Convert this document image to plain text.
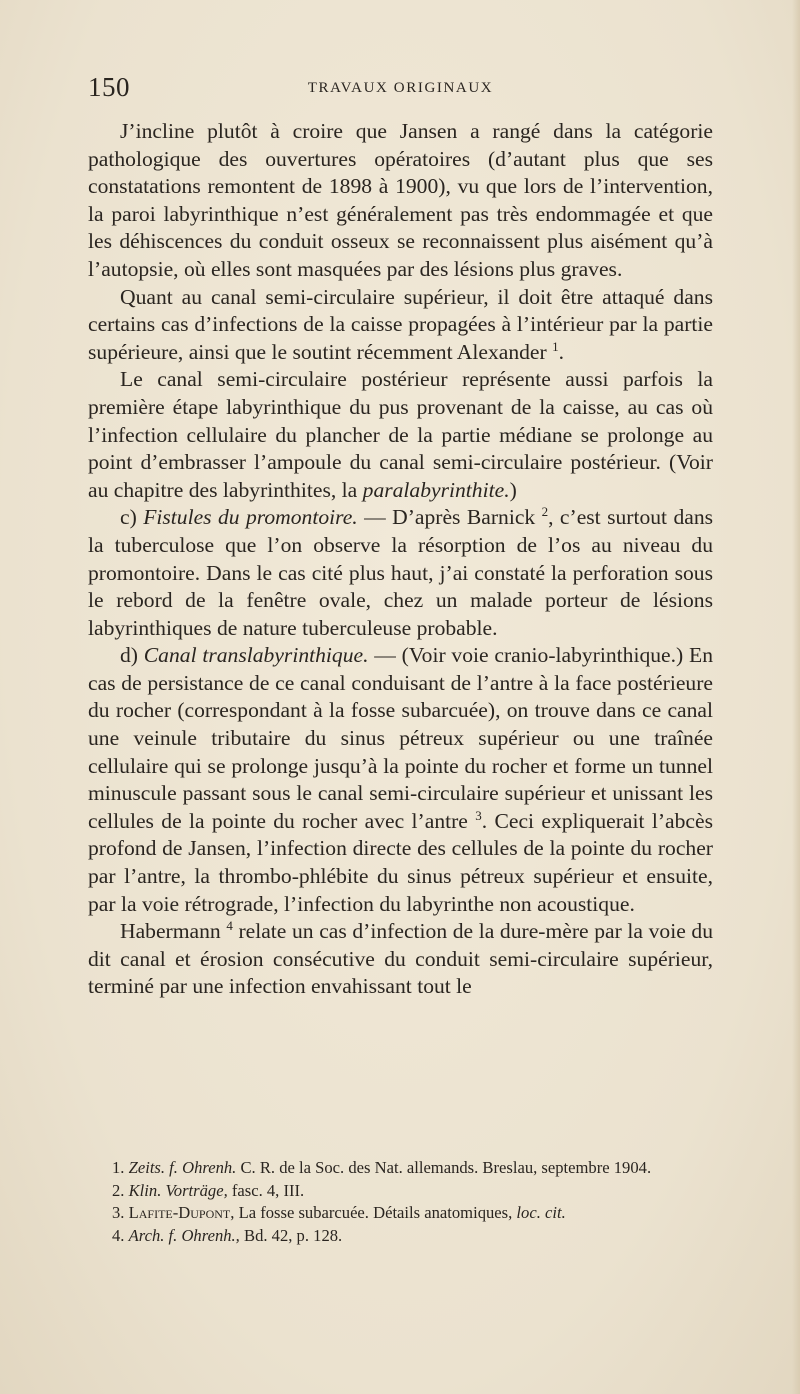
150	TRAVAUX ORIGINAUX

J’incline plutôt à croire que Jansen a rangé dans la catégorie pathologique des ouvertures opératoires (d’autant plus que ses constatations remontent de 1898 à 1900), vu que lors de l’intervention, la paroi labyrinthique n’est généralement pas très endommagée et que les déhiscences du conduit osseux se reconnaissent plus aisément qu’à l’autopsie, où elles sont masquées par des lésions plus graves.

Quant au canal semi-circulaire supérieur, il doit être attaqué dans certains cas d’infections de la caisse propagées à l’intérieur par la partie supérieure, ainsi que le soutint récemment Alexander $^1$.

Le canal semi-circulaire postérieur représente aussi parfois la première étape labyrinthique du pus provenant de la caisse, au cas où l’infection cellulaire du plancher de la partie médiane se prolonge au point d’embrasser l’ampoule du canal semi-circulaire postérieur. (Voir au chapitre des labyrinthites, la paralabyrinthite.)

c) Fistules du promontoire. — D’après Barnick $^2$, c’est surtout dans la tuberculose que l’on observe la résorption de l’os au niveau du promontoire. Dans le cas cité plus haut, j’ai constaté la perforation sous le rebord de la fenêtre ovale, chez un malade porteur de lésions labyrinthiques de nature tuberculeuse probable.

d) Canal translabyrinthique. — (Voir voie cranio-labyrinthique.) En cas de persistance de ce canal conduisant de l’antre à la face postérieure du rocher (correspondant à la fosse subarcuée), on trouve dans ce canal une veinule tributaire du sinus pétreux supérieur ou une traînée cellulaire qui se prolonge jusqu’à la pointe du rocher et forme un tunnel minuscule passant sous le canal semi-circulaire supérieur et unissant les cellules de la pointe du rocher avec l’antre $^3$. Ceci expliquerait l’abcès profond de Jansen, l’infection directe des cellules de la pointe du rocher par l’antre, la thrombo-phlébite du sinus pétreux supérieur et ensuite, par la voie rétrograde, l’infection du labyrinthe non acoustique.

Habermann $^4$ relate un cas d’infection de la dure-mère par la voie du dit canal et érosion consécutive du conduit semi-circulaire supérieur, terminé par une infection envahissant tout le

1. Zeits. f. Ohrenh. C. R. de la Soc. des Nat. allemands. Breslau, septembre 1904.

2. Klin. Vorträge, fasc. 4, III.

3. Lafite-Dupont, La fosse subarcuée. Détails anatomiques, loc. cit.

4. Arch. f. Ohrenh., Bd. 42, p. 128.
